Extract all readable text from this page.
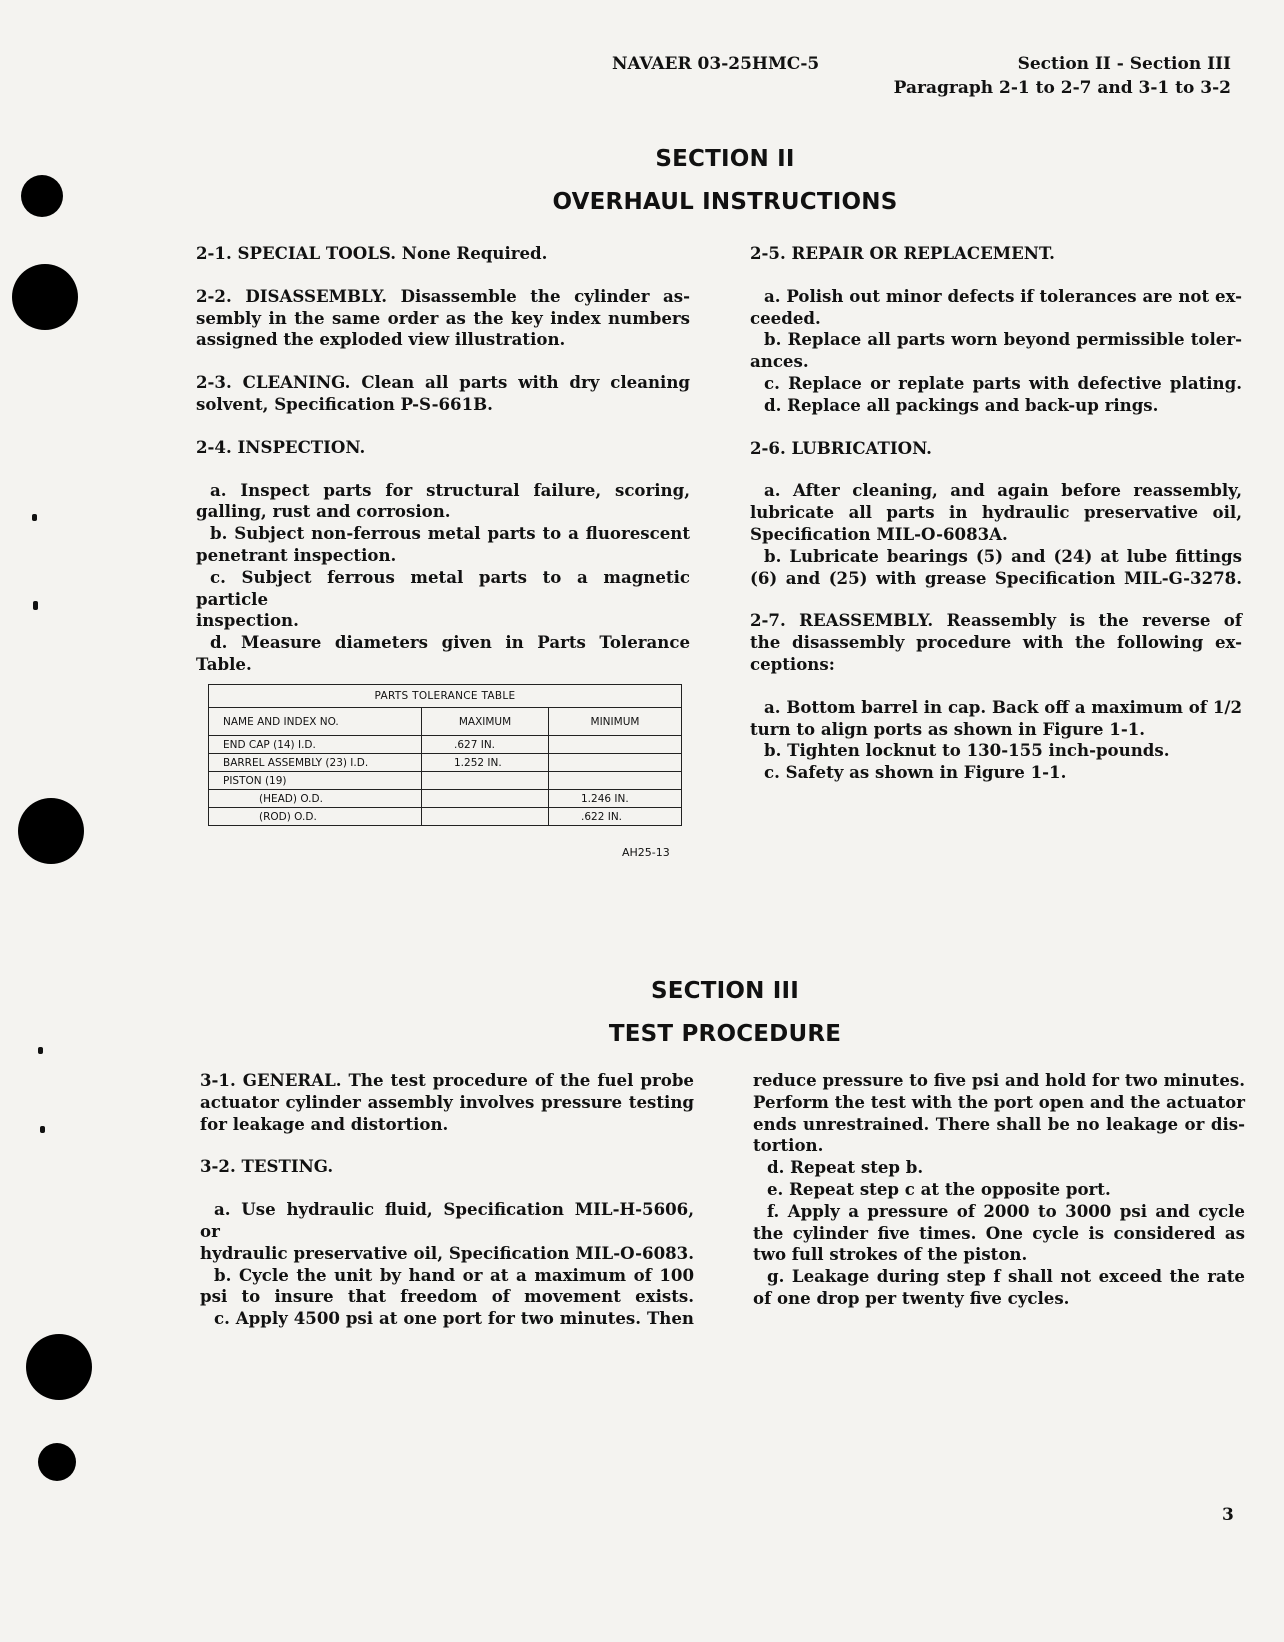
NAVAER 03-25HMC-5	Section II - Section III
Paragraph 2-1 to 2-7 and 3-1 to 3-2
SECTION II
OVERHAUL INSTRUCTIONS

2-1. SPECIAL TOOLS. None Required.

2-2. DISASSEMBLY. Disassemble the cylinder as-

sembly in the same order as the key index numbers

assigned the exploded view illustration.

2-3. CLEANING. Clean all parts with dry cleaning

solvent, Specification P-S-661B.

2-4. INSPECTION.

a. Inspect parts for structural failure, scoring,

galling, rust and corrosion.

b. Subject non-ferrous metal parts to a fluorescent

penetrant inspection.

c. Subject ferrous metal parts to a magnetic particle

inspection.

d. Measure diameters given in Parts Tolerance

Table.

PARTS TOLERANCE TABLE		
NAME AND INDEX NO.	MAXIMUM	MINIMUM
END CAP (14) I.D.	.627 IN.	
BARREL ASSEMBLY (23) I.D.	1.252 IN.	
PISTON (19)		
(HEAD) O.D.		1.246 IN.
(ROD) O.D.		.622 IN.
AH25-13

2-5. REPAIR OR REPLACEMENT.

a. Polish out minor defects if tolerances are not ex-

ceeded.

b. Replace all parts worn beyond permissible toler-

ances.

c. Replace or replate parts with defective plating.

d. Replace all packings and back-up rings.

2-6. LUBRICATION.

a. After cleaning, and again before reassembly,

lubricate all parts in hydraulic preservative oil,

Specification MIL-O-6083A.

b. Lubricate bearings (5) and (24) at lube fittings

(6) and (25) with grease Specification MIL-G-3278.

2-7. REASSEMBLY. Reassembly is the reverse of

the disassembly procedure with the following ex-

ceptions:

a. Bottom barrel in cap. Back off a maximum of 1/2

turn to align ports as shown in Figure 1-1.

b. Tighten locknut to 130-155 inch-pounds.

c. Safety as shown in Figure 1-1.

SECTION III
TEST PROCEDURE

3-1. GENERAL. The test procedure of the fuel probe

actuator cylinder assembly involves pressure testing

for leakage and distortion.

3-2. TESTING.

a. Use hydraulic fluid, Specification MIL-H-5606, or

hydraulic preservative oil, Specification MIL-O-6083.

b. Cycle the unit by hand or at a maximum of 100

psi to insure that freedom of movement exists.

c. Apply 4500 psi at one port for two minutes. Then

reduce pressure to five psi and hold for two minutes.

Perform the test with the port open and the actuator

ends unrestrained. There shall be no leakage or dis-

tortion.

d. Repeat step b.

e. Repeat step c at the opposite port.

f. Apply a pressure of 2000 to 3000 psi and cycle

the cylinder five times. One cycle is considered as

two full strokes of the piston.

g. Leakage during step f shall not exceed the rate

of one drop per twenty five cycles.

3
